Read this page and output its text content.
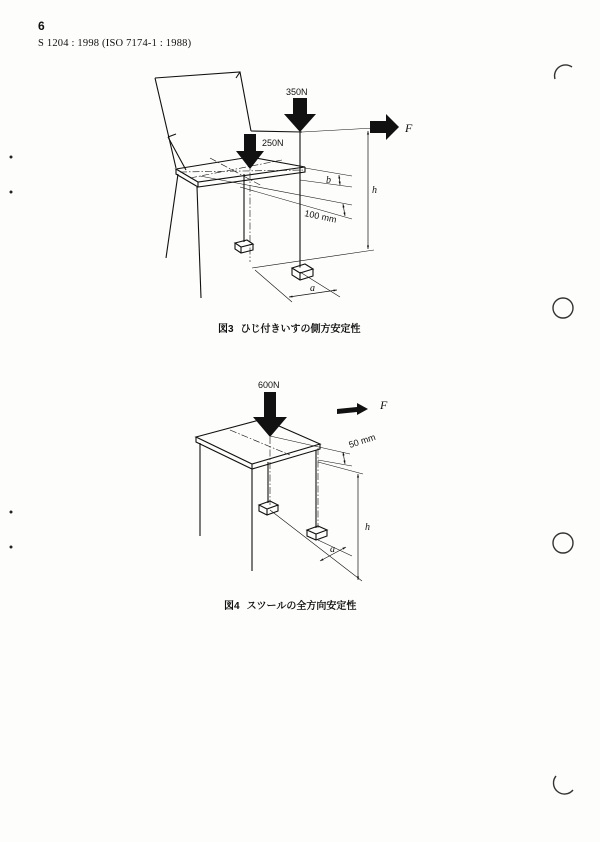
6
S 1204 : 1998 (ISO 7174-1 : 1988)
350N
250N
F
b
h
100 mm
a
600N
F
50 mm
h
a
図3 ひじ付きいすの側方安定性
図4 スツールの全方向安定性
